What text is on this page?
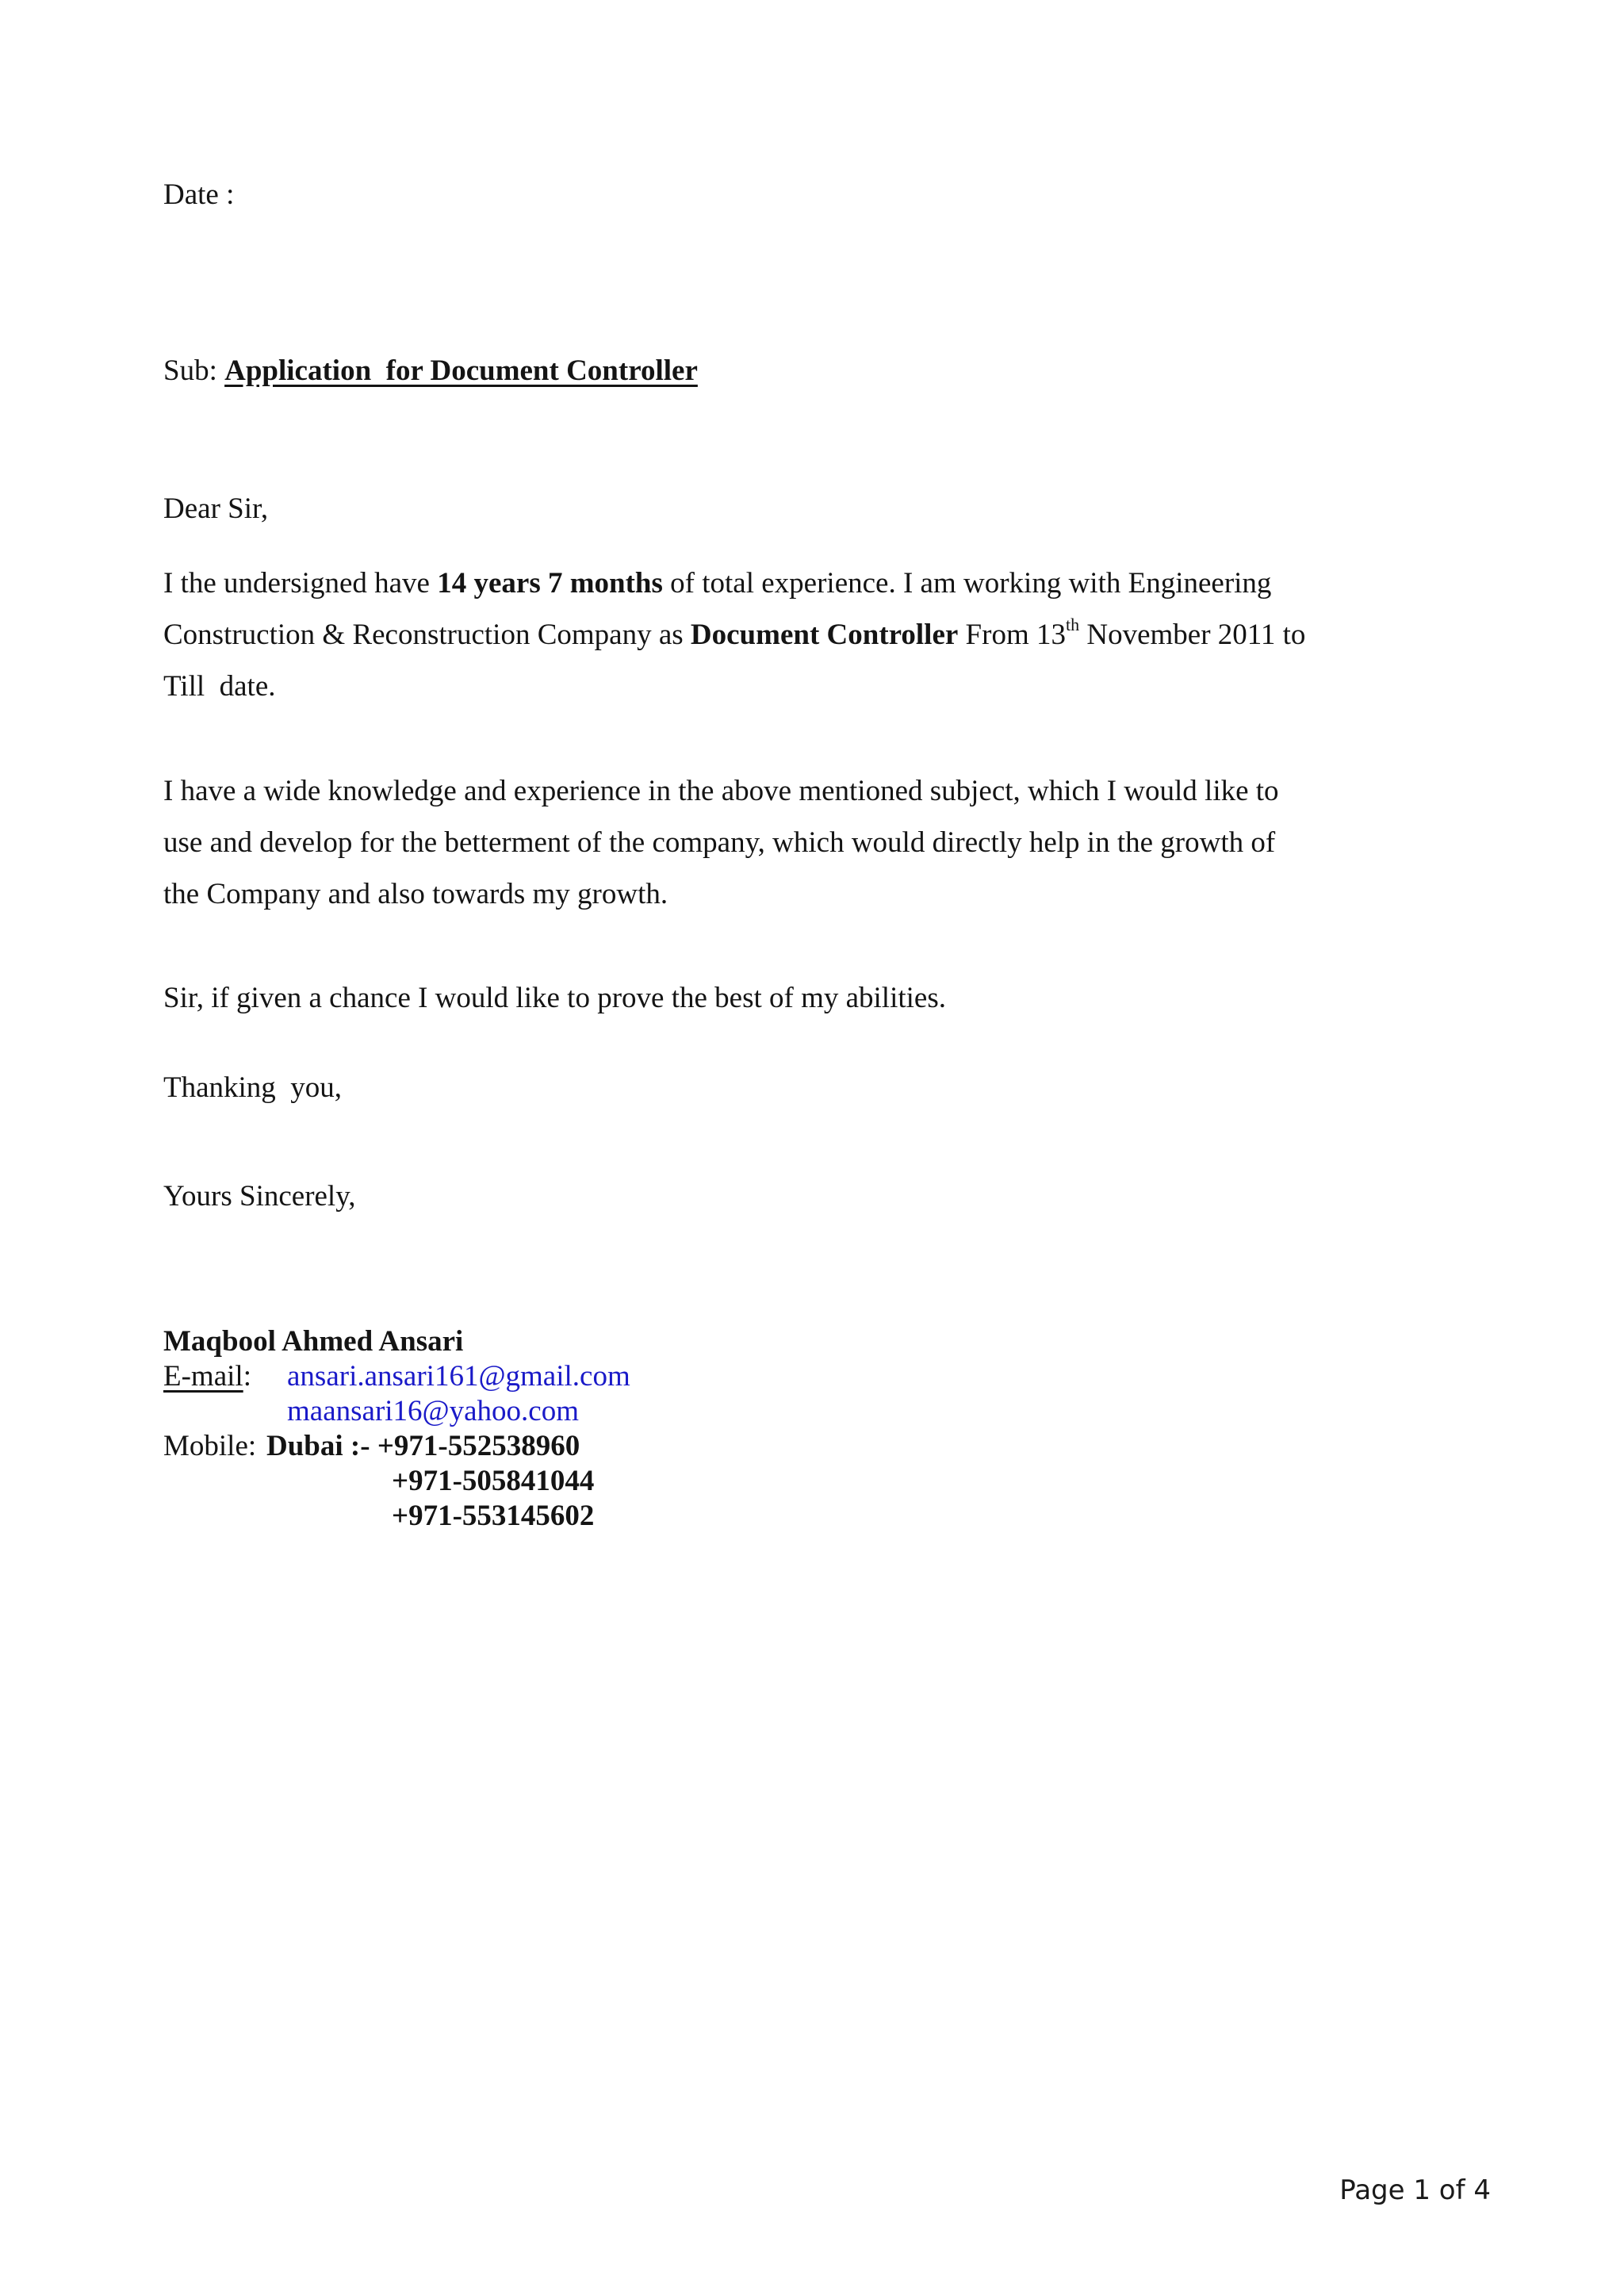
Date :
Sub: Application  for Document Controller
Dear Sir,
I the undersigned have 14 years 7 months of total experience. I am working with Engineering
Construction & Reconstruction Company as Document Controller From 13th November 2011 to
Till  date.
I have a wide knowledge and experience in the above mentioned subject, which I would like to
use and develop for the betterment of the company, which would directly help in the growth of
the Company and also towards my growth.
Sir, if given a chance I would like to prove the best of my abilities.
Thanking  you,
Yours Sincerely,
Maqbool Ahmed Ansari
E-mail: ansari.ansari161@gmail.com
maansari16@yahoo.com
Mobile: Dubai :- +971-552538960
+971-505841044
+971-553145602
Page 1 of 4
